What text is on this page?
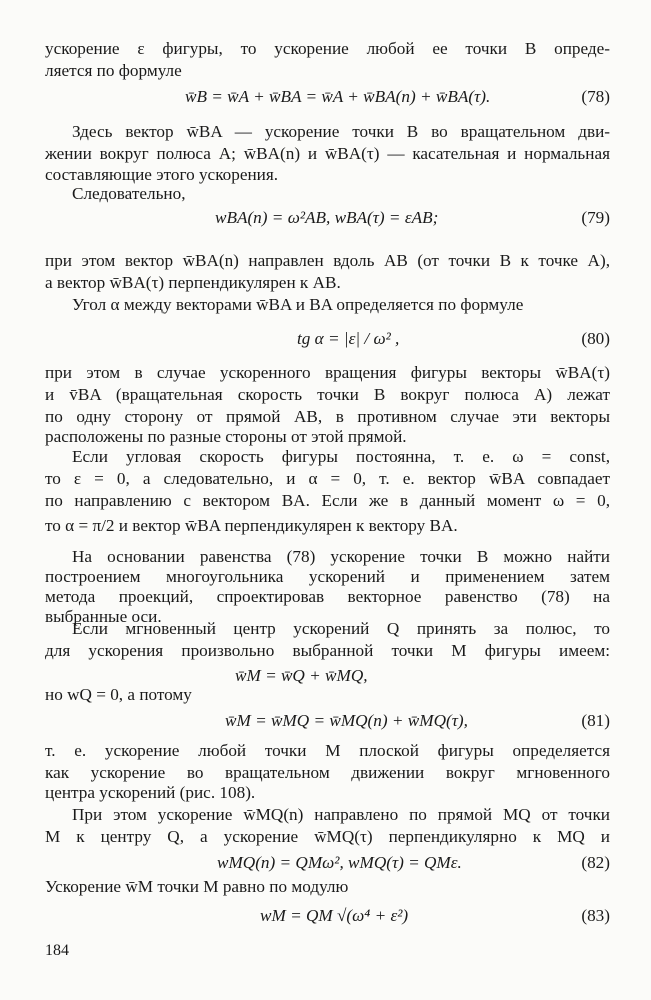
ускорение ε фигуры, то ускорение любой ее точки B опреде-
ляется по формуле
w̄B = w̄A + w̄BA = w̄A + w̄BA(n) + w̄BA(τ).	(78)
Здесь вектор w̄BA — ускорение точки B во вращательном дви-
жении вокруг полюса A; w̄BA(n) и w̄BA(τ) — касательная и нормальная
составляющие этого ускорения.
Следовательно,
wBA(n) = ω²AB, wBA(τ) = εAB;	(79)
при этом вектор w̄BA(n) направлен вдоль AB (от точки B к точке A),
а вектор w̄BA(τ) перпендикулярен к AB.
Угол α между векторами w̄BA и BA определяется по формуле
tg α = |ε| / ω² ,	(80)
при этом в случае ускоренного вращения фигуры векторы w̄BA(τ)
и v̄BA (вращательная скорость точки B вокруг полюса A) лежат
по одну сторону от прямой AB, в противном случае эти векторы
расположены по разные стороны от этой прямой.
Если угловая скорость фигуры постоянна, т. е. ω = const,
то ε = 0, а следовательно, и α = 0, т. е. вектор w̄BA совпадает
по направлению с вектором BA. Если же в данный момент ω = 0,
то α = π/2 и вектор w̄BA перпендикулярен к вектору BA.
На основании равенства (78) ускорение точки B можно найти
построением многоугольника ускорений и применением затем
метода проекций, спроектировав векторное равенство (78) на
выбранные оси.
Если мгновенный центр ускорений Q принять за полюс, то
для ускорения произвольно выбранной точки M фигуры имеем:
w̄M = w̄Q + w̄MQ,
но wQ = 0, а потому
w̄M = w̄MQ = w̄MQ(n) + w̄MQ(τ),	(81)
т. е. ускорение любой точки M плоской фигуры определяется
как ускорение во вращательном движении вокруг мгновенного
центра ускорений (рис. 108).
При этом ускорение w̄MQ(n) направлено по прямой MQ от точки
M к центру Q, а ускорение w̄MQ(τ) перпендикулярно к MQ и
wMQ(n) = QMω², wMQ(τ) = QMε.	(82)
Ускорение w̄M точки M равно по модулю
wM = QM √(ω⁴ + ε²)	(83)
184
